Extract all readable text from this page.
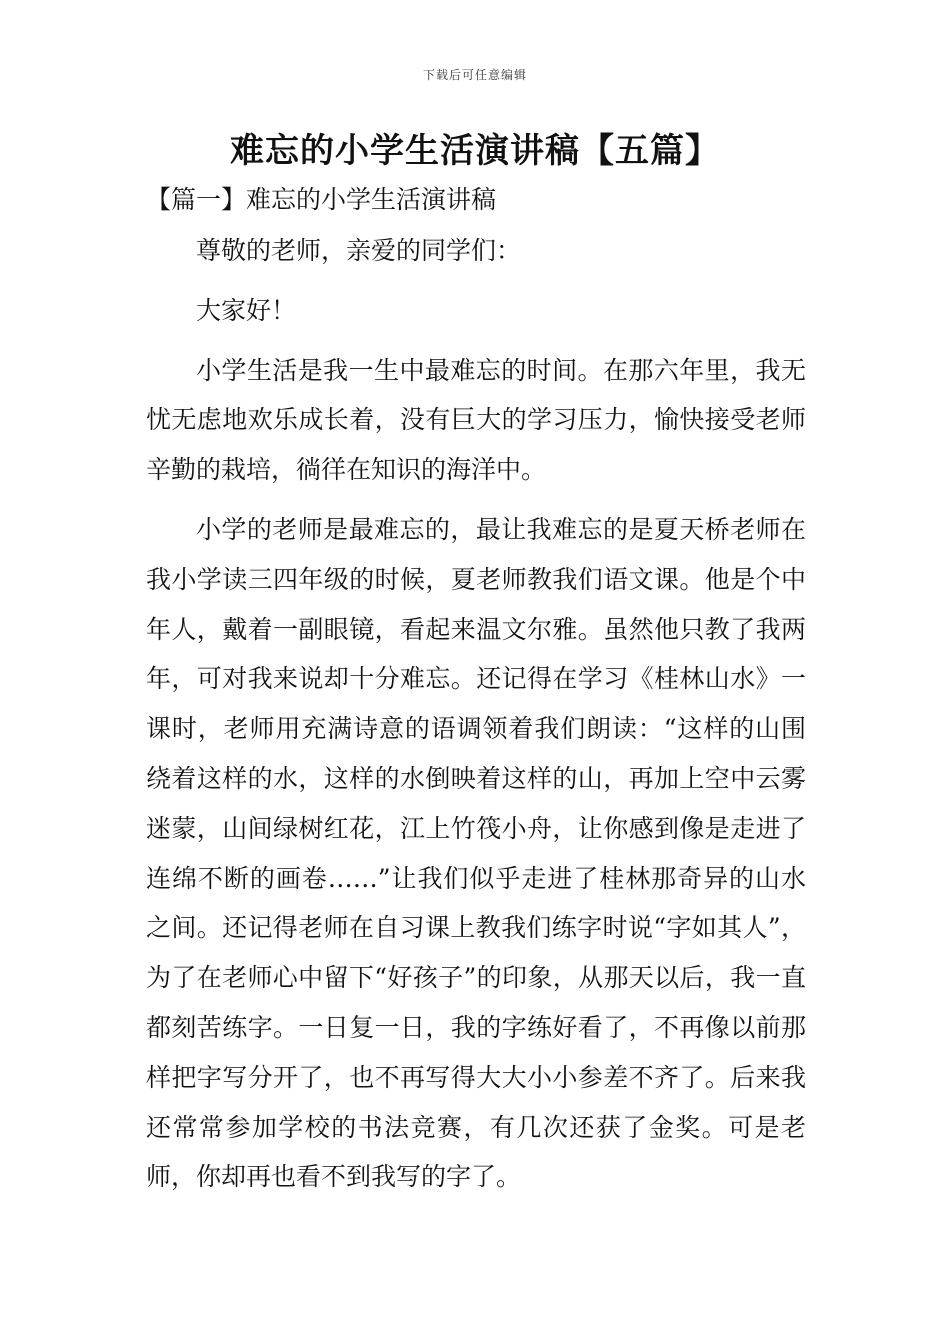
下载后可任意编辑
难忘的小学生活演讲稿【五篇】
【篇一】难忘的小学生活演讲稿

尊敬的老师，亲爱的同学们：

大家好！

小学生活是我一生中最难忘的时间。在那六年里，我无忧无虑地欢乐成长着，没有巨大的学习压力，愉快接受老师辛勤的栽培，徜徉在知识的海洋中。

小学的老师是最难忘的，最让我难忘的是夏天桥老师在我小学读三四年级的时候，夏老师教我们语文课。他是个中年人，戴着一副眼镜，看起来温文尔雅。虽然他只教了我两年，可对我来说却十分难忘。还记得在学习《桂林山水》一课时，老师用充满诗意的语调领着我们朗读：“这样的山围绕着这样的水，这样的水倒映着这样的山，再加上空中云雾迷蒙，山间绿树红花，江上竹筏小舟，让你感到像是走进了连绵不断的画卷……”让我们似乎走进了桂林那奇异的山水之间。还记得老师在自习课上教我们练字时说“字如其人”，为了在老师心中留下“好孩子”的印象，从那天以后，我一直都刻苦练字。一日复一日，我的字练好看了，不再像以前那样把字写分开了，也不再写得大大小小参差不齐了。后来我还常常参加学校的书法竞赛，有几次还获了金奖。可是老师，你却再也看不到我写的字了。
